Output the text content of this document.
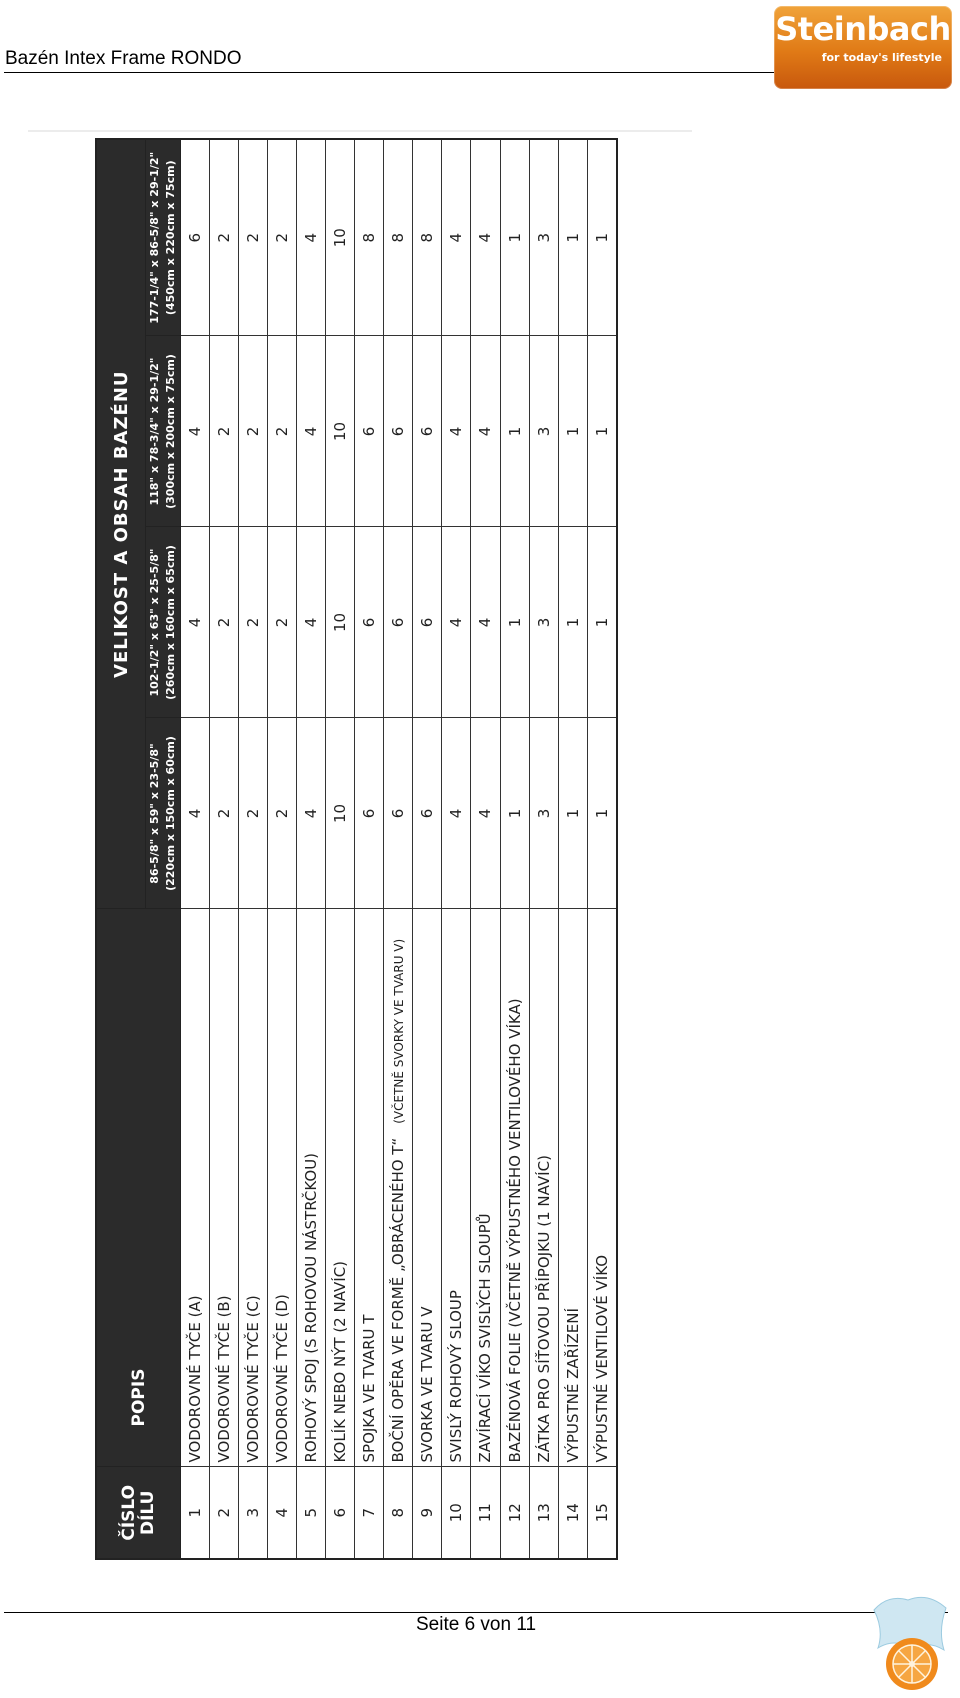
Bazén Intex Frame RONDO
Steinbach
for today's lifestyle
ČÍSLO
DÍLU	POPIS	VELIKOST A OBSAH BAZÉNU			
		86-5/8" x 59" x 23-5/8" (220cm x 150cm x 60cm)	102-1/2" x 63" x 25-5/8" (260cm x 160cm x 65cm)	118" x 78-3/4" x 29-1/2" (300cm x 200cm x 75cm)	177-1/4" x 86-5/8" x 29-1/2" (450cm x 220cm x 75cm)
1	VODOROVNÉ TYČE (A)	4	4	4	6
2	VODOROVNÉ TYČE (B)	2	2	2	2
3	VODOROVNÉ TYČE (C)	2	2	2	2
4	VODOROVNÉ TYČE (D)	2	2	2	2
5	ROHOVÝ SPOJ (S ROHOVOU NÁSTRČKOU)	4	4	4	4
6	KOLÍK NEBO NÝT (2 NAVÍC)	10	10	10	10
7	SPOJKA VE TVARU T	6	6	6	8
8	BOČNÍ OPĚRA VE FORMĚ „OBRÁCENÉHO T“(VČETNĚ SVORKY VE TVARU V)	6	6	6	8
9	SVORKA VE TVARU V	6	6	6	8
10	SVISLÝ ROHOVÝ SLOUP	4	4	4	4
11	ZAVÍRACÍ VÍKO SVISLÝCH SLOUPŮ	4	4	4	4
12	BAZÉNOVÁ FOLIE (VČETNĚ VÝPUSTNÉHO VENTILOVÉHO VÍKA)	1	1	1	1
13	ZÁTKA PRO SÍŤOVOU PŘÍPOJKU (1 NAVÍC)	3	3	3	3
14	VÝPUSTNÉ ZAŘÍZENÍ	1	1	1	1
15	VÝPUSTNÉ VENTILOVÉ VÍKO	1	1	1	1
Seite 6 von 11
